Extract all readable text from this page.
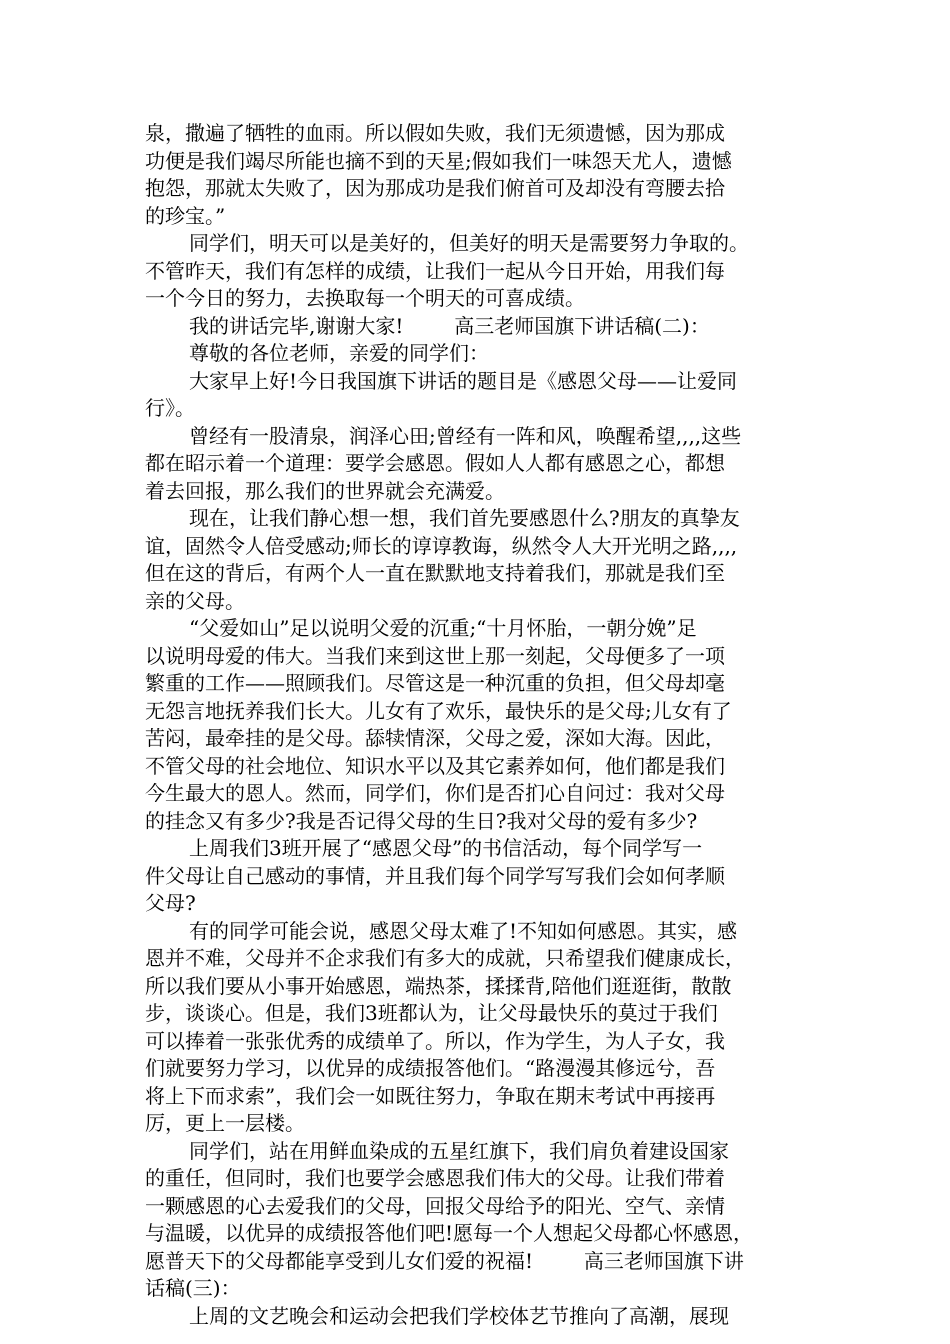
泉，撒遍了牺牲的血雨。所以假如失败，我们无须遗憾，因为那成
功便是我们竭尽所能也摘不到的天星;假如我们一味怨天尤人，遗憾
抱怨，那就太失败了，因为那成功是我们俯首可及却没有弯腰去拾
的珍宝。”
同学们，明天可以是美好的，但美好的明天是需要努力争取的。
不管昨天，我们有怎样的成绩，让我们一起从今日开始，用我们每
一个今日的努力，去换取每一个明天的可喜成绩。
我的讲话完毕,谢谢大家!        高三老师国旗下讲话稿(二)：
尊敬的各位老师，亲爱的同学们：
大家早上好!今日我国旗下讲话的题目是《感恩父母——让爱同
行》。
曾经有一股清泉，润泽心田;曾经有一阵和风，唤醒希望,,,,这些
都在昭示着一个道理：要学会感恩。假如人人都有感恩之心，都想
着去回报，那么我们的世界就会充满爱。
现在，让我们静心想一想，我们首先要感恩什么?朋友的真挚友
谊，固然令人倍受感动;师长的谆谆教诲，纵然令人大开光明之路,,,,
但在这的背后，有两个人一直在默默地支持着我们，那就是我们至
亲的父母。
“父爱如山”足以说明父爱的沉重;“十月怀胎，一朝分娩”足
以说明母爱的伟大。当我们来到这世上那一刻起，父母便多了一项
繁重的工作——照顾我们。尽管这是一种沉重的负担，但父母却毫
无怨言地抚养我们长大。儿女有了欢乐，最快乐的是父母;儿女有了
苦闷，最牵挂的是父母。舔犊情深，父母之爱，深如大海。因此，
不管父母的社会地位、知识水平以及其它素养如何，他们都是我们
今生最大的恩人。然而，同学们，你们是否扪心自问过：我对父母
的挂念又有多少?我是否记得父母的生日?我对父母的爱有多少?
上周我们3班开展了“感恩父母”的书信活动，每个同学写一
件父母让自己感动的事情，并且我们每个同学写写我们会如何孝顺
父母?
有的同学可能会说，感恩父母太难了!不知如何感恩。其实，感
恩并不难，父母并不企求我们有多大的成就，只希望我们健康成长，
所以我们要从小事开始感恩，端热茶，揉揉背,陪他们逛逛街，散散
步，谈谈心。但是，我们3班都认为，让父母最快乐的莫过于我们
可以捧着一张张优秀的成绩单了。所以，作为学生，为人子女，我
们就要努力学习，以优异的成绩报答他们。“路漫漫其修远兮，吾
将上下而求索”，我们会一如既往努力，争取在期末考试中再接再
厉，更上一层楼。
同学们，站在用鲜血染成的五星红旗下，我们肩负着建设国家
的重任，但同时，我们也要学会感恩我们伟大的父母。让我们带着
一颗感恩的心去爱我们的父母，回报父母给予的阳光、空气、亲情
与温暖，以优异的成绩报答他们吧!愿每一个人想起父母都心怀感恩，
愿普天下的父母都能享受到儿女们爱的祝福!        高三老师国旗下讲
话稿(三)：
上周的文艺晚会和运动会把我们学校体艺节推向了高潮，展现
